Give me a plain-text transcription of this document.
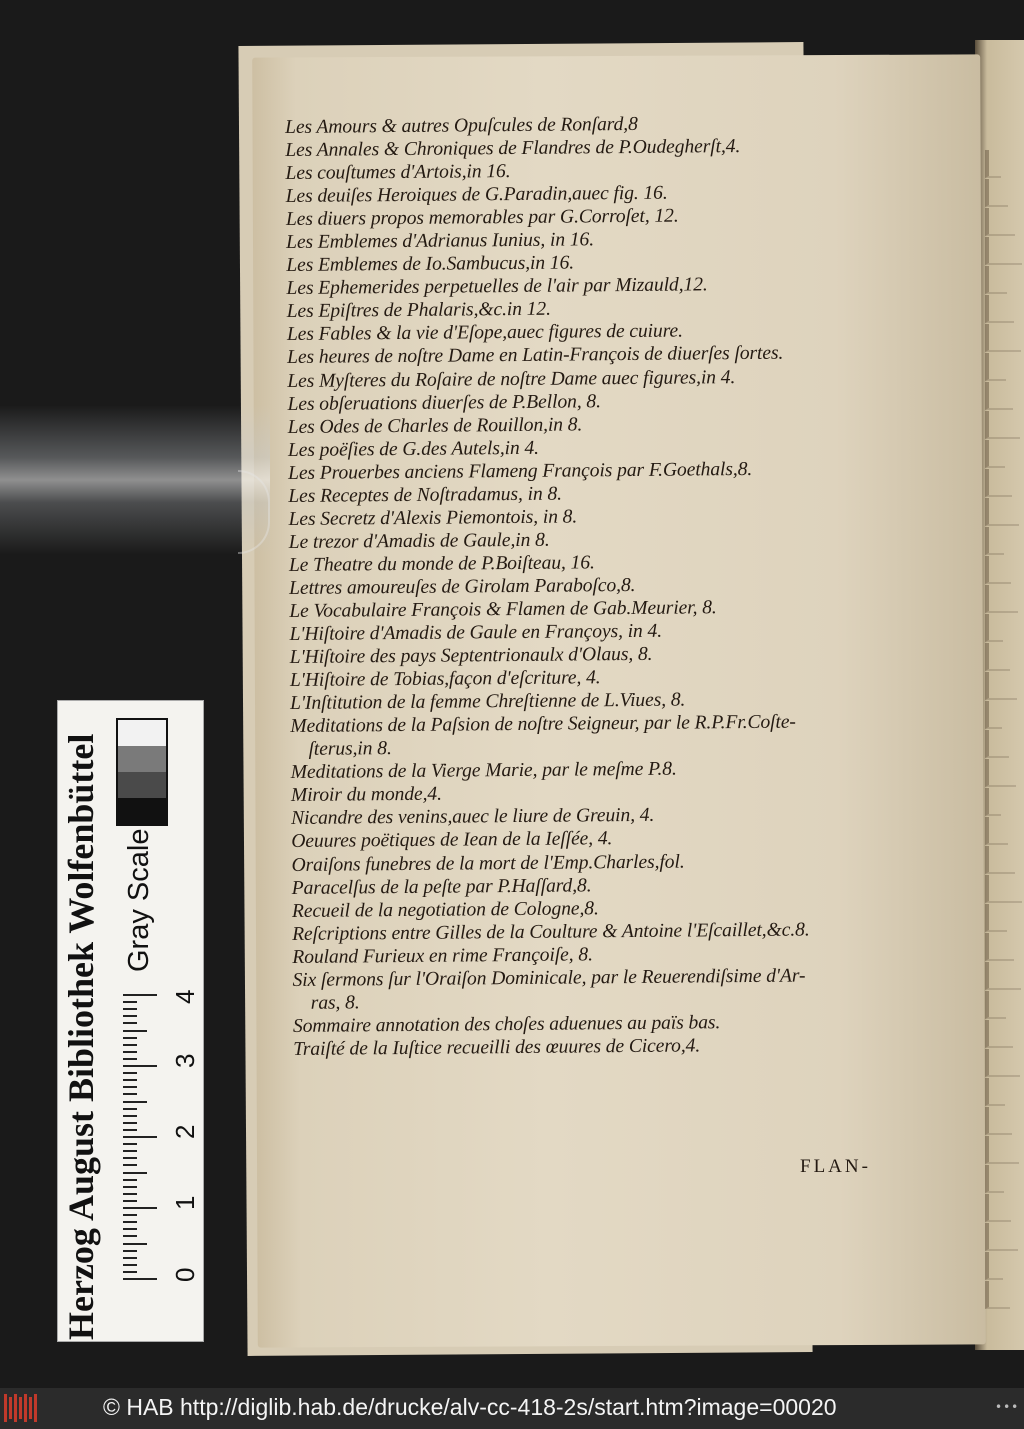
Les Amours & autres Opuſcules de Ronſard,8
Les Annales & Chroniques de Flandres de P.Oudegherſt,4.
Les couſtumes d'Artois,in 16.
Les deuiſes Heroiques de G.Paradin,auec fig. 16.
Les diuers propos memorables par G.Corroſet, 12.
Les Emblemes d'Adrianus Iunius, in 16.
Les Emblemes de Io.Sambucus,in 16.
Les Ephemerides perpetuelles de l'air par Mizauld,12.
Les Epiſtres de Phalaris,&c.in 12.
Les Fables & la vie d'Eſope,auec figures de cuiure.
Les heures de noſtre Dame en Latin-François de diuerſes ſortes.
Les Myſteres du Roſaire de noſtre Dame auec figures,in 4.
Les obſeruations diuerſes de P.Bellon, 8.
Les Odes de Charles de Rouillon,in 8.
Les poëſies de G.des Autels,in 4.
Les Prouerbes anciens Flameng François par F.Goethals,8.
Les Receptes de Noſtradamus, in 8.
Les Secretz d'Alexis Piemontois, in 8.
Le trezor d'Amadis de Gaule,in 8.
Le Theatre du monde de P.Boiſteau, 16.
Lettres amoureuſes de Girolam Paraboſco,8.
Le Vocabulaire François & Flamen de Gab.Meurier, 8.
L'Hiſtoire d'Amadis de Gaule en Françoys, in 4.
L'Hiſtoire des pays Septentrionaulx d'Olaus, 8.
L'Hiſtoire de Tobias,façon d'eſcriture, 4.
L'Inſtitution de la femme Chreſtienne de L.Viues, 8.
Meditations de la Paſsion de noſtre Seigneur, par le R.P.Fr.Coſte-
ſterus,in 8.
Meditations de la Vierge Marie, par le meſme P.8.
Miroir du monde,4.
Nicandre des venins,auec le liure de Greuin, 4.
Oeuures poëtiques de Iean de la Ieſſée, 4.
Oraiſons funebres de la mort de l'Emp.Charles,fol.
Paracelſus de la peſte par P.Haſſard,8.
Recueil de la negotiation de Cologne,8.
Reſcriptions entre Gilles de la Coulture & Antoine l'Eſcaillet,&c.8.
Rouland Furieux en rime Françoiſe, 8.
Six ſermons ſur l'Oraiſon Dominicale, par le Reuerendiſsime d'Ar-
ras, 8.
Sommaire annotation des choſes aduenues au païs bas.
Traiſté de la Iuſtice recueilli des œuures de Cicero,4.
FLAN-
Herzog August Bibliothek Wolfenbüttel Gray Scale
0
1
2
3
4
© HAB http://diglib.hab.de/drucke/alv-cc-418-2s/start.htm?image=00020	•••
